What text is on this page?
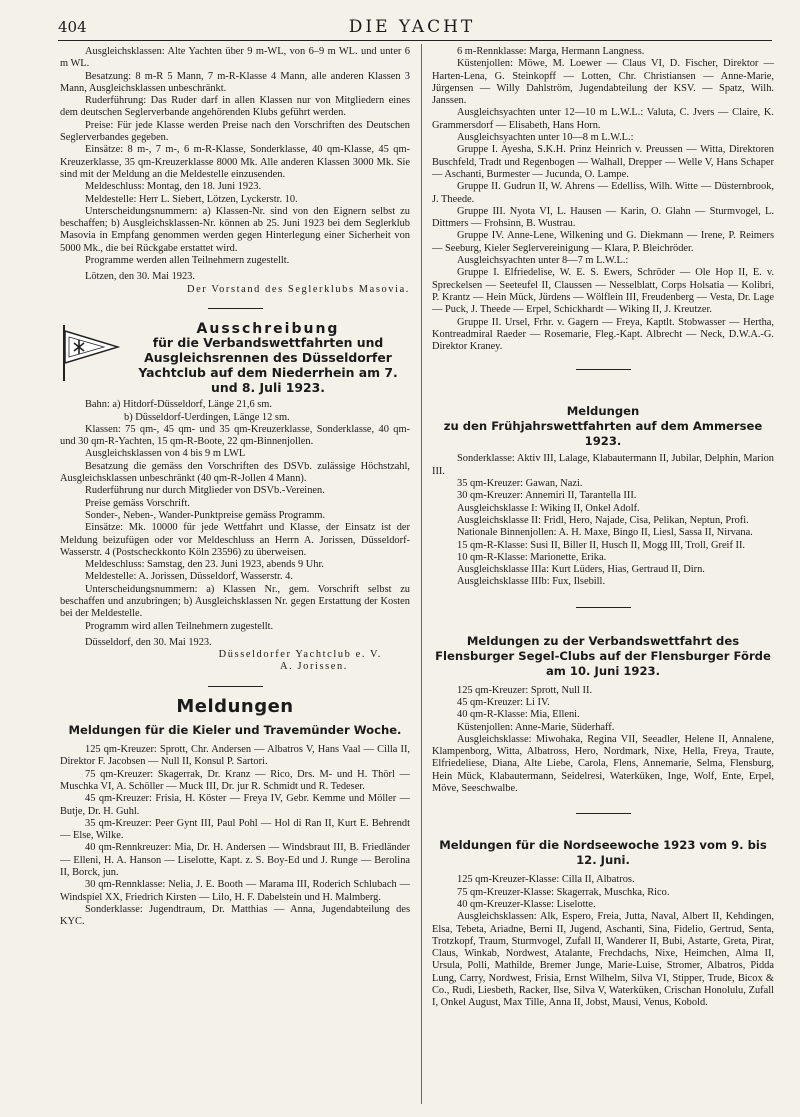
404	DIE YACHT

Ausgleichsklassen: Alte Yachten über 9 m-WL, von 6–9 m WL. und unter 6 m WL.

Besatzung: 8 m-R 5 Mann, 7 m-R-Klasse 4 Mann, alle anderen Klassen 3 Mann, Ausgleichsklassen unbeschränkt.

Ruderführung: Das Ruder darf in allen Klassen nur von Mitgliedern eines dem deutschen Seglerverbande angehörenden Klubs geführt werden.

Preise: Für jede Klasse werden Preise nach den Vorschriften des Deutschen Seglerverbandes gegeben.

Einsätze: 8 m-, 7 m-, 6 m-R-Klasse, Sonderklasse, 40 qm-Klasse, 45 qm-Kreuzerklasse, 35 qm-Kreuzerklasse 8000 Mk. Alle anderen Klassen 3000 Mk. Sie sind mit der Meldung an die Meldestelle einzusenden.

Meldeschluss: Montag, den 18. Juni 1923.

Meldestelle: Herr L. Siebert, Lötzen, Lyckerstr. 10.

Unterscheidungsnummern: a) Klassen-Nr. sind von den Eignern selbst zu beschaffen; b) Ausgleichsklassen-Nr. können ab 25. Juni 1923 bei dem Seglerklub Masovia in Empfang genommen werden gegen Hinterlegung einer Sicherheit von 5000 Mk., die bei Rückgabe erstattet wird.

Programme werden allen Teilnehmern zugestellt.

Lötzen, den 30. Mai 1923.

Der Vorstand des Seglerklubs Masovia.

Ausschreibung
für die Verbandswettfahrten und Ausgleichsrennen des Düsseldorfer Yachtclub auf dem Niederrhein am 7. und 8. Juli 1923.

Bahn: a) Hitdorf-Düsseldorf, Länge 21,6 sm.

b) Düsseldorf-Uerdingen, Länge 12 sm.

Klassen: 75 qm-, 45 qm- und 35 qm-Kreuzerklasse, Sonderklasse, 40 qm- und 30 qm-R-Yachten, 15 qm-R-Boote, 22 qm-Binnenjollen.

Ausgleichsklassen von 4 bis 9 m LWL

Besatzung die gemäss den Vorschriften des DSVb. zulässige Höchstzahl, Ausgleichsklassen unbeschränkt (40 qm-R-Jollen 4 Mann).

Ruderführung nur durch Mitglieder von DSVb.-Vereinen.

Preise gemäss Vorschrift.

Sonder-, Neben-, Wander-Punktpreise gemäss Programm.

Einsätze: Mk. 10000 für jede Wettfahrt und Klasse, der Einsatz ist der Meldung beizufügen oder vor Meldeschluss an Herrn A. Jorissen, Düsseldorf-Wasserstr. 4 (Postscheckkonto Köln 23596) zu überweisen.

Meldeschluss: Samstag, den 23. Juni 1923, abends 9 Uhr.

Meldestelle: A. Jorissen, Düsseldorf, Wasserstr. 4.

Unterscheidungsnummern: a) Klassen Nr., gem. Vorschrift selbst zu beschaffen und anzubringen; b) Ausgleichsklassen Nr. gegen Erstattung der Kosten bei der Meldestelle.

Programm wird allen Teilnehmern zugestellt.

Düsseldorf, den 30. Mai 1923.

Düsseldorfer Yachtclub e. V.

A. Jorissen.

Meldungen
Meldungen für die Kieler und Travemünder Woche.

125 qm-Kreuzer: Sprott, Chr. Andersen — Albatros V, Hans Vaal — Cilla II, Direktor F. Jacobsen — Null II, Konsul P. Sartori.

75 qm-Kreuzer: Skagerrak, Dr. Kranz — Rico, Drs. M- und H. Thörl — Muschka VI, A. Schöller — Muck III, Dr. jur R. Schmidt und R. Tedeser.

45 qm-Kreuzer: Frisia, H. Köster — Freya IV, Gebr. Kemme und Möller — Butje, Dr. H. Guhl.

35 qm-Kreuzer: Peer Gynt III, Paul Pohl — Hol di Ran II, Kurt E. Behrendt — Else, Wilke.

40 qm-Rennkreuzer: Mia, Dr. H. Andersen — Windsbraut III, B. Friedländer — Elleni, H. A. Hanson — Liselotte, Kapt. z. S. Boy-Ed und J. Runge — Berolina II, Borck, jun.

30 qm-Rennklasse: Nelia, J. E. Booth — Marama III, Roderich Schlubach — Windspiel XX, Friedrich Kirsten — Lilo, H. F. Dabelstein und H. Malmberg.

Sonderklasse: Jugendtraum, Dr. Matthias — Anna, Jugendabteilung des KYC.

6 m-Rennklasse: Marga, Hermann Langness.

Küstenjollen: Möwe, M. Loewer — Claus VI, D. Fischer, Direktor — Harten-Lena, G. Steinkopff — Lotten, Chr. Christiansen — Anne-Marie, Jürgensen — Willy Dahlström, Jugendabteilung der KSV. — Spatz, Wilh. Janssen.

Ausgleichsyachten unter 12—10 m L.W.L.: Valuta, C. Jvers — Claire, K. Grammersdorf — Elisabeth, Hans Horn.

Ausgleichsyachten unter 10—8 m L.W.L.:

Gruppe I. Ayesha, S.K.H. Prinz Heinrich v. Preussen — Witta, Direktoren Buschfeld, Tradt und Regenbogen — Walhall, Drepper — Welle V, Hans Schaper — Aschanti, Burmester — Jucunda, O. Lampe.

Gruppe II. Gudrun II, W. Ahrens — Edelliss, Wilh. Witte — Düsternbrook, J. Theede.

Gruppe III. Nyota VI, L. Hausen — Karin, O. Glahn — Sturmvogel, L. Dittmers — Frohsinn, B. Wustrau.

Gruppe IV. Anne-Lene, Wilkening und G. Diekmann — Irene, P. Reimers — Seeburg, Kieler Seglervereinigung — Klara, P. Bleichröder.

Ausgleichsyachten unter 8—7 m L.W.L.:

Gruppe I. Elfriedelise, W. E. S. Ewers, Schröder — Ole Hop II, E. v. Spreckelsen — Seeteufel II, Claussen — Nesselblatt, Corps Holsatia — Kolibri, P. Krantz — Hein Mück, Jürdens — Wölflein III, Freudenberg — Vesta, Dr. Lage — Puck, J. Theede — Erpel, Schickhardt — Wiking II, J. Kreutzer.

Gruppe II. Ursel, Frhr. v. Gagern — Freya, Kaptlt. Stobwasser — Hertha, Kontreadmiral Raeder — Rosemarie, Fleg.-Kapt. Albrecht — Neck, D.W.A.-G. Direktor Kraney.

Meldungen
zu den Frühjahrswettfahrten auf dem Ammersee 1923.

Sonderklasse: Aktiv III, Lalage, Klabautermann II, Jubilar, Delphin, Marion III.

35 qm-Kreuzer: Gawan, Nazi.

30 qm-Kreuzer: Annemiri II, Tarantella III.

Ausgleichsklasse I: Wiking II, Onkel Adolf.

Ausgleichsklasse II: Fridl, Hero, Najade, Cisa, Pelikan, Neptun, Profi.

Nationale Binnenjollen: A. H. Maxe, Bingo II, Liesl, Sassa II, Nirvana.

15 qm-R-Klasse: Susi II, Biller II, Husch II, Mogg III, Troll, Greif II.

10 qm-R-Klasse: Marionette, Erika.

Ausgleichsklasse IIIa: Kurt Lüders, Hias, Gertraud II, Dirn.

Ausgleichsklasse IIIb: Fux, Ilsebill.

Meldungen zu der Verbandswettfahrt des Flensburger Segel-Clubs auf der Flensburger Förde am 10. Juni 1923.

125 qm-Kreuzer: Sprott, Null II.

45 qm-Kreuzer: Li IV.

40 qm-R-Klasse: Mia, Elleni.

Küstenjollen: Anne-Marie, Süderhaff.

Ausgleichsklasse: Miwohaka, Regina VII, Seeadler, Helene II, Annalene, Klampenborg, Witta, Albatross, Hero, Nordmark, Nixe, Hella, Freya, Traute, Elfriedeliese, Diana, Alte Liebe, Carola, Flens, Annemarie, Selma, Flensburg, Hein Mück, Klabautermann, Seidelresi, Waterküken, Inge, Wolf, Ente, Erpel, Möve, Seeschwalbe.

Meldungen für die Nordseewoche 1923 vom 9. bis 12. Juni.

125 qm-Kreuzer-Klasse: Cilla II, Albatros.

75 qm-Kreuzer-Klasse: Skagerrak, Muschka, Rico.

40 qm-Kreuzer-Klasse: Liselotte.

Ausgleichsklassen: Alk, Espero, Freia, Jutta, Naval, Albert II, Kehdingen, Elsa, Tebeta, Ariadne, Berni II, Jugend, Aschanti, Sina, Fidelio, Gertrud, Senta, Trotzkopf, Traum, Sturmvogel, Zufall II, Wanderer II, Bubi, Astarte, Greta, Pirat, Claus, Winkab, Nordwest, Atalante, Frechdachs, Nixe, Heimchen, Alma II, Ursula, Polli, Mathilde, Bremer Junge, Marie-Luise, Stromer, Albatros, Pidda Lung, Carry, Nordwest, Frisia, Ernst Wilhelm, Silva VI, Stipper, Trude, Bicox & Co., Rudi, Liesbeth, Racker, Ilse, Silva V, Waterküken, Crischan Honolulu, Zufall I, Onkel August, Max Tille, Anna II, Jobst, Mausi, Venus, Kobold.
